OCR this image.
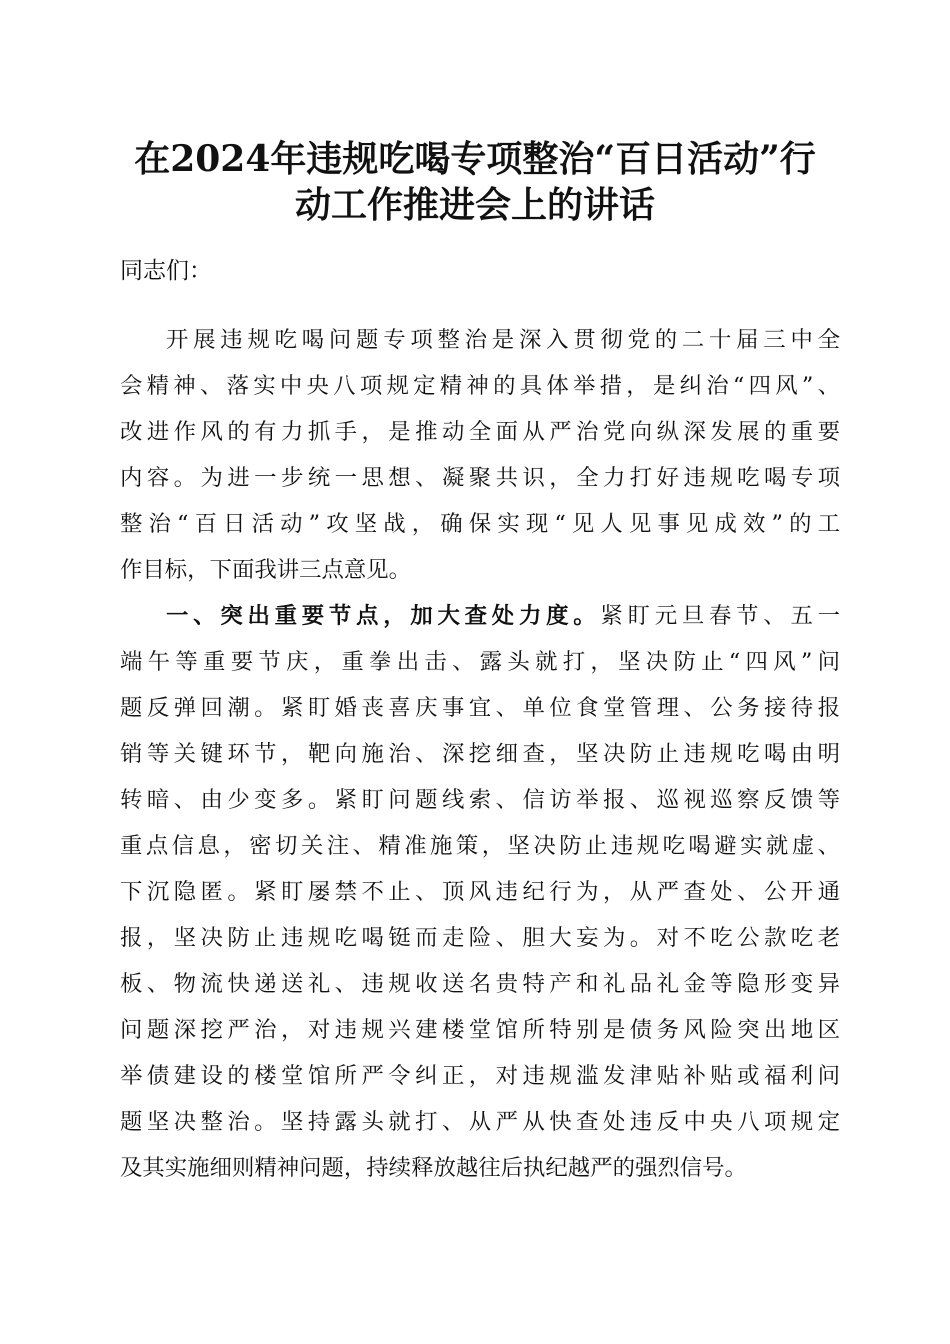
在2024年违规吃喝专项整治“百日活动”行
动工作推进会上的讲话

同志们：

开展违规吃喝问题专项整治是深入贯彻党的二十届三中全

会精神、落实中央八项规定精神的具体举措，是纠治“四风”、

改进作风的有力抓手，是推动全面从严治党向纵深发展的重要

内容。为进一步统一思想、凝聚共识，全力打好违规吃喝专项

整治“百日活动”攻坚战，确保实现“见人见事见成效”的工

作目标，下面我讲三点意见。

一、突出重要节点，加大查处力度。紧盯元旦春节、五一

端午等重要节庆，重拳出击、露头就打，坚决防止“四风”问

题反弹回潮。紧盯婚丧喜庆事宜、单位食堂管理、公务接待报

销等关键环节，靶向施治、深挖细查，坚决防止违规吃喝由明

转暗、由少变多。紧盯问题线索、信访举报、巡视巡察反馈等

重点信息，密切关注、精准施策，坚决防止违规吃喝避实就虚、

下沉隐匿。紧盯屡禁不止、顶风违纪行为，从严查处、公开通

报，坚决防止违规吃喝铤而走险、胆大妄为。对不吃公款吃老

板、物流快递送礼、违规收送名贵特产和礼品礼金等隐形变异

问题深挖严治，对违规兴建楼堂馆所特别是债务风险突出地区

举债建设的楼堂馆所严令纠正，对违规滥发津贴补贴或福利问

题坚决整治。坚持露头就打、从严从快查处违反中央八项规定

及其实施细则精神问题，持续释放越往后执纪越严的强烈信号。
